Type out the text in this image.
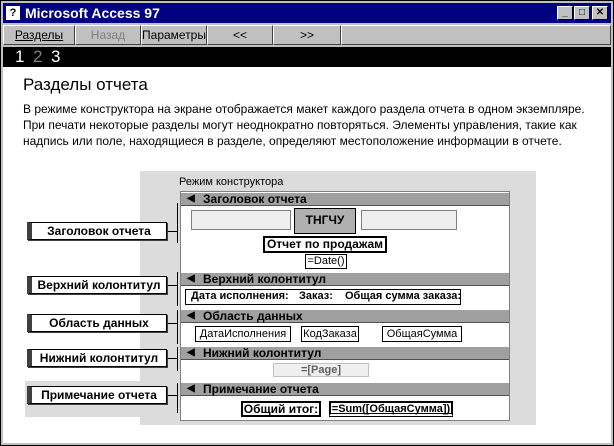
? Microsoft Access 97	_	□	✕
Разделы	Назад	Параметры	<<	>>
1 2 3
Разделы отчета
В режиме конструктора на экране отображается макет каждого раздела отчета в одном экземпляре. При печати некоторые разделы могут неоднократно повторяться. Элементы управления, такие как надпись или поле, находящиеся в разделе, определяют местоположение информации в отчете.
Режим конструктора
◀ Заголовок отчета
ТНГЧУ
Отчет по продажам
=Date()
◀ Верхний колонтитул
Дата исполнения: Заказ: Общая сумма заказа:
◀ Область данных
ДатаИсполнения	КодЗаказа	ОбщаяСумма
◀ Нижний колонтитул
=[Page]
◀ Примечание отчета
Общий итог: =Sum([ОбщаяСумма])
Заголовок отчета
Верхний колонтитул
Область данных
Нижний колонтитул
Примечание отчета
